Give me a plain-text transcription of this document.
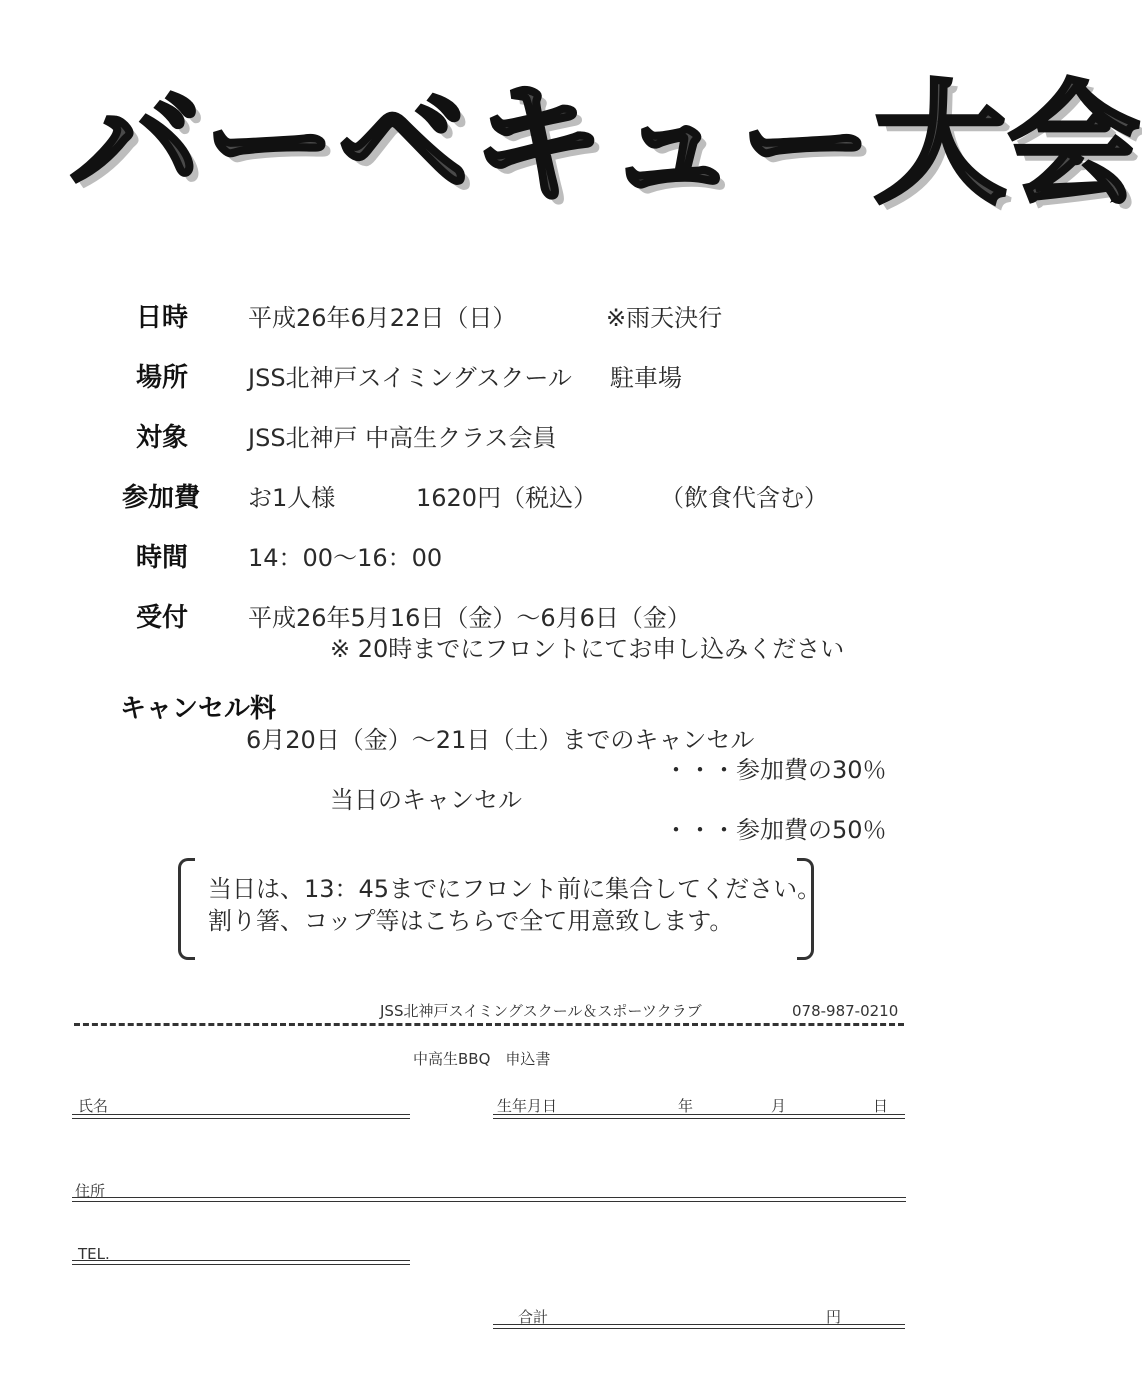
バーベキュー大会
日時 平成26年6月22日（日）	※雨天決行
場所 JSS北神戸スイミングスクール 駐車場
対象 JSS北神戸 中高生クラス会員
参加費 お1人様	1620円（税込）	（飲食代含む）
時間 14：00〜16：00
受付 平成26年5月16日（金）〜6月6日（金）
※ 20時までにフロントにてお申し込みください
キャンセル料
6月20日（金）〜21日（土）までのキャンセル
・・・参加費の30％
当日のキャンセル
・・・参加費の50％
当日は、13：45までにフロント前に集合してください。
割り箸、コップ等はこちらで全て用意致します。
JSS北神戸スイミングスクール＆スポーツクラブ	078-987-0210
中高生BBQ　申込書
氏名	生年月日	年	月	日
住所
TEL.
合計	円
